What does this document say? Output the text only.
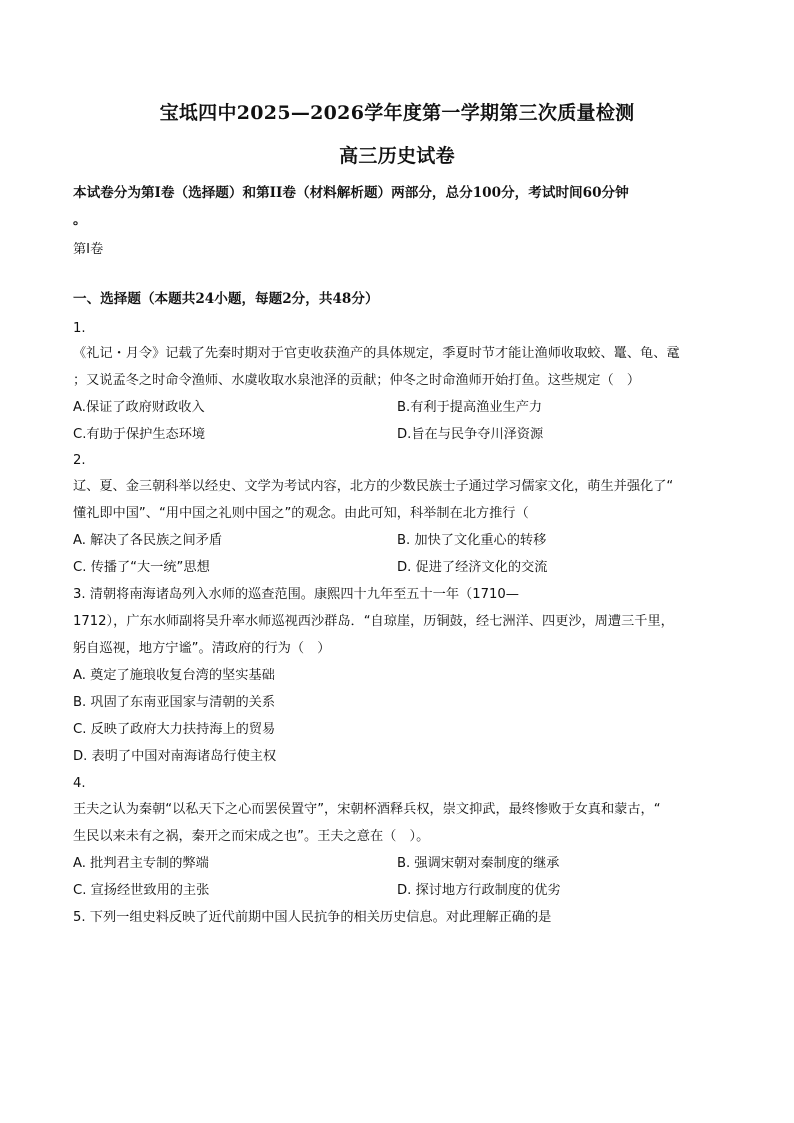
宝坻四中2025—2026学年度第一学期第三次质量检测
高三历史试卷
本试卷分为第I卷（选择题）和第II卷（材料解析题）两部分，总分100分，考试时间60分钟
。
第I卷
一、选择题（本题共24小题，每题2分，共48分）
1.
《礼记・月令》记载了先秦时期对于官吏收获渔产的具体规定，季夏时节才能让渔师收取蛟、鼍、龟、鼋
；又说孟冬之时命令渔师、水虞收取水泉池泽的贡献；仲冬之时命渔师开始打鱼。这些规定（　）
A.保证了政府财政收入	B.有利于提高渔业生产力
C.有助于保护生态环境	D.旨在与民争夺川泽资源
2.
辽、夏、金三朝科举以经史、文学为考试内容，北方的少数民族士子通过学习儒家文化，萌生并强化了“
懂礼即中国”、“用中国之礼则中国之”的观念。由此可知，科举制在北方推行（
A. 解决了各民族之间矛盾	B. 加快了文化重心的转移
C. 传播了“大一统”思想	D. 促进了经济文化的交流
3. 清朝将南海诸岛列入水师的巡查范围。康熙四十九年至五十一年（1710—
1712），广东水师副将吴升率水师巡视西沙群岛．“自琼崖，历铜鼓，经七洲洋、四更沙，周遭三千里，
躬自巡视，地方宁谧”。清政府的行为（　）
A. 奠定了施琅收复台湾的坚实基础
B. 巩固了东南亚国家与清朝的关系
C. 反映了政府大力扶持海上的贸易
D. 表明了中国对南海诸岛行使主权
4.
王夫之认为秦朝“以私天下之心而罢侯置守”，宋朝杯酒释兵权，崇文抑武，最终惨败于女真和蒙古，“
生民以来未有之祸，秦开之而宋成之也”。王夫之意在（　）。
A. 批判君主专制的弊端	B. 强调宋朝对秦制度的继承
C. 宣扬经世致用的主张	D. 探讨地方行政制度的优劣
5. 下列一组史料反映了近代前期中国人民抗争的相关历史信息。对此理解正确的是
